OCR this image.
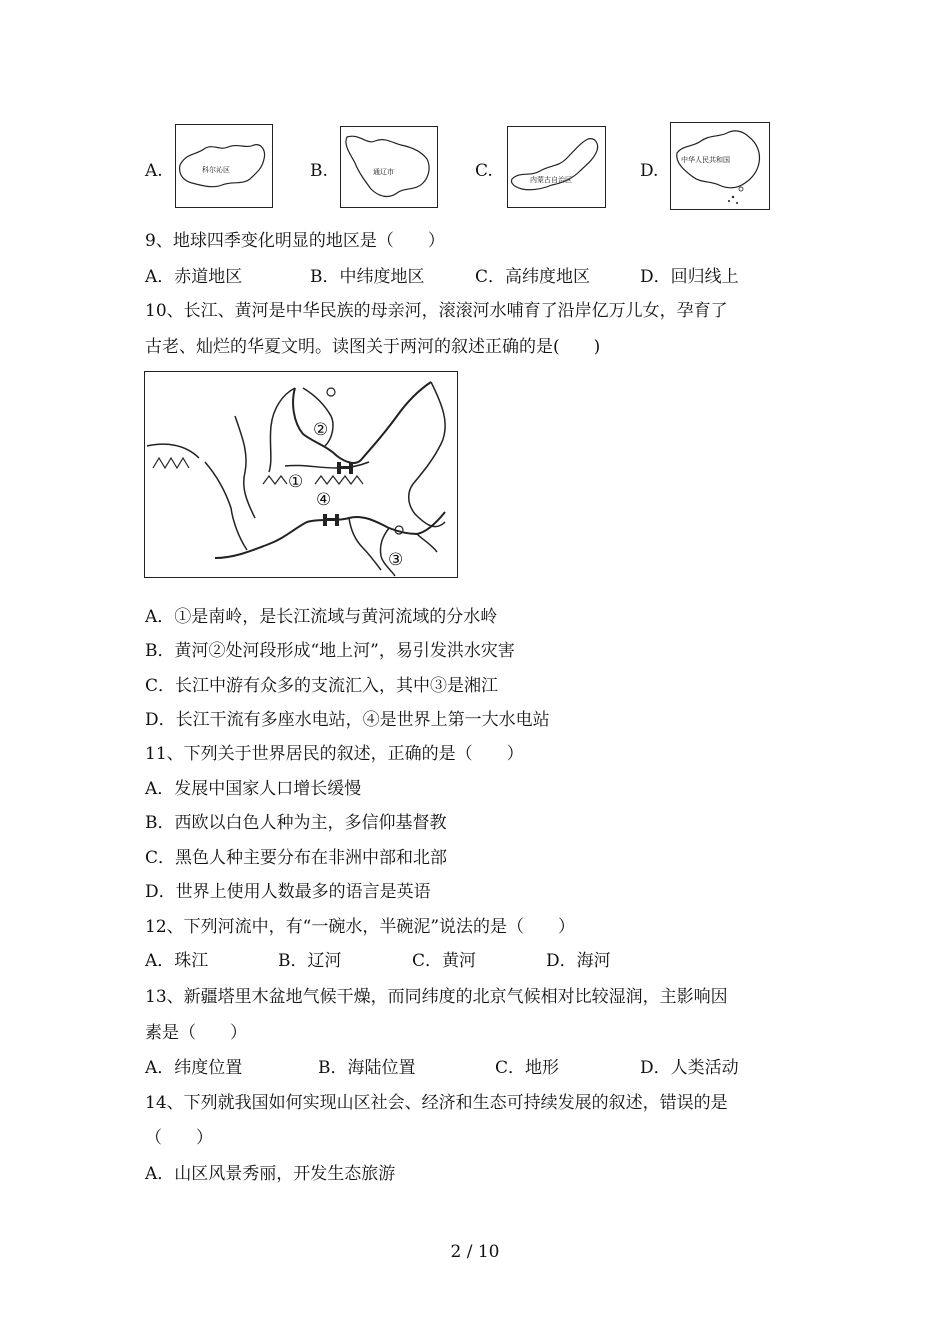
A.	科尔沁区	B.	通辽市	C.	内蒙古自治区	D.
中华人民共和国
9、地球四季变化明显的地区是（　　）
A．赤道地区	B．中纬度地区	C．高纬度地区	D．回归线上
10、长江、黄河是中华民族的母亲河，滚滚河水哺育了沿岸亿万儿女，孕育了
古老、灿烂的华夏文明。读图关于两河的叙述正确的是(　　)
②
①
④
③
A．①是南岭，是长江流域与黄河流域的分水岭
B．黄河②处河段形成“地上河”，易引发洪水灾害
C．长江中游有众多的支流汇入，其中③是湘江
D．长江干流有多座水电站，④是世界上第一大水电站
11、下列关于世界居民的叙述，正确的是（　　）
A．发展中国家人口增长缓慢
B．西欧以白色人种为主，多信仰基督教
C．黑色人种主要分布在非洲中部和北部
D．世界上使用人数最多的语言是英语
12、下列河流中，有“一碗水，半碗泥”说法的是（　　）
A．珠江	B．辽河	C．黄河	D．海河
13、新疆塔里木盆地气候干燥，而同纬度的北京气候相对比较湿润，主影响因
素是（　　）
A．纬度位置	B．海陆位置	C．地形	D．人类活动
14、下列就我国如何实现山区社会、经济和生态可持续发展的叙述，错误的是
（　　）
A．山区风景秀丽，开发生态旅游
2 / 10
